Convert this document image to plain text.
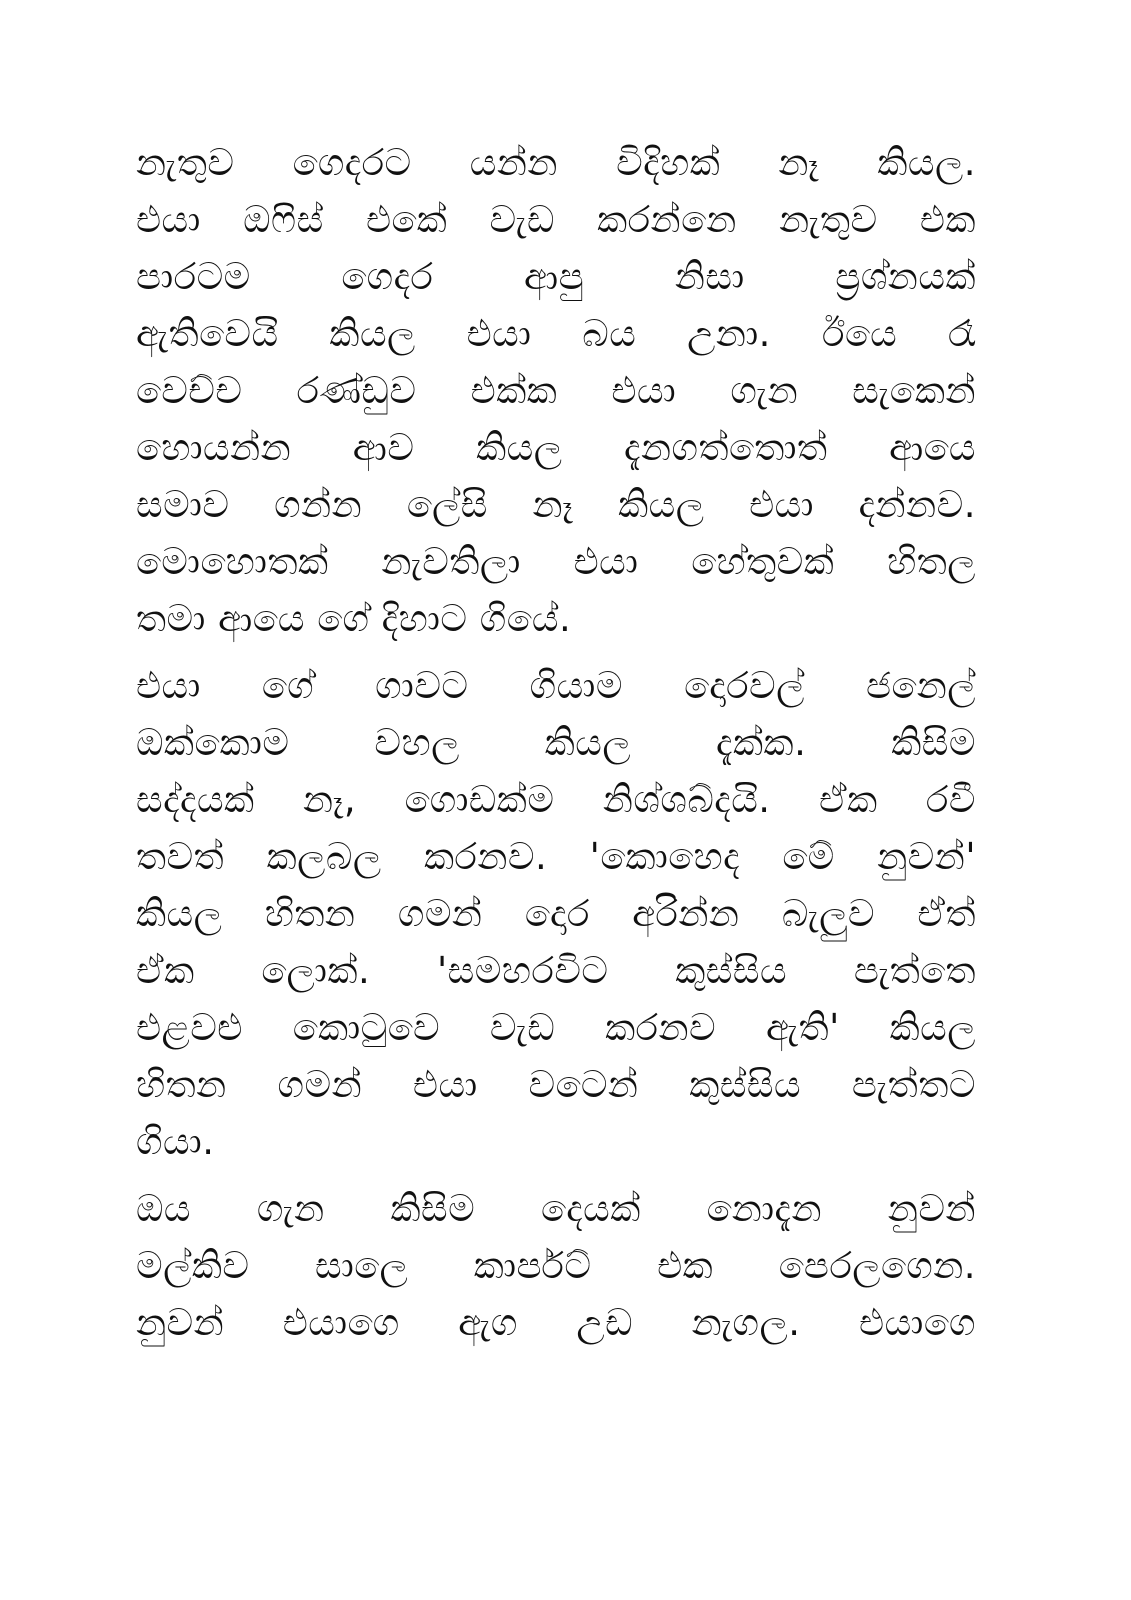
නැතුව ගෙදරට යන්න විදිහක් නෑ කියල.
එයා ඔෆිස් එකේ වැඩ කරන්නෙ නැතුව එක
පාරටම ගෙදර ආපු නිසා ප්‍රශ්නයක්
ඇතිවෙයි කියල එයා බය උනා. ඊයෙ රෑ
වෙච්ච රණ්ඩුව එක්ක එයා ගැන සැකෙන්
හොයන්න ආව කියල දැනගත්තොත් ආයෙ
සමාව ගන්න ලේසි නෑ කියල එයා දන්නව.
මොහොතක් නැවතිලා එයා හේතුවක් හිතල
තමා ආයෙ ගේ දිහාට ගියේ.
එයා ගේ ගාවට ගියාම දොරවල් ජනෙල්
ඔක්කොම වහල කියල දැක්ක. කිසිම
සද්දයක් නෑ, ගොඩක්ම නිශ්ශබ්දයි. ඒක රවී
තවත් කලබල කරනව. 'කොහෙද මේ නුවන්'
කියල හිතන ගමන් දොර අරින්න බැලුව ඒත්
ඒක ලොක්. 'සමහරවිට කුස්සිය පැත්තෙ
එළවළු කොටුවෙ වැඩ කරනව ඇති' කියල
හිතන ගමන් එයා වටෙන් කුස්සිය පැත්තට
ගියා.
ඔය ගැන කිසිම දෙයක් නොදැන නුවන්
මල්කිව සාලෙ කාර්පට් එක පෙරලගෙන.
නුවන් එයාගෙ ඇග උඩ නැගල. එයාගෙ
